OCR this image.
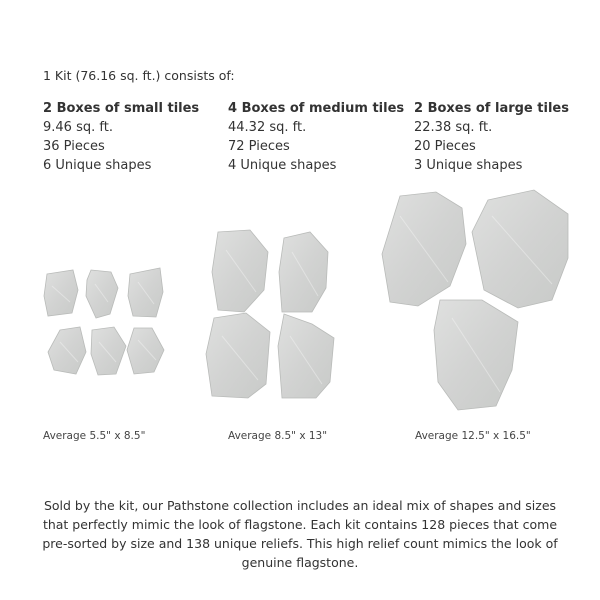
1 Kit (76.16 sq. ft.) consists of:
2 Boxes of small tiles
9.46 sq. ft.
36 Pieces
6 Unique shapes
4 Boxes of medium tiles
44.32 sq. ft.
72 Pieces
4 Unique shapes
2 Boxes of large tiles
22.38 sq. ft.
20 Pieces
3 Unique shapes
Average 5.5" x 8.5"	Average 8.5" x 13"	Average 12.5" x 16.5"
Sold by the kit, our Pathstone collection includes an ideal mix of shapes and sizes that perfectly mimic the look of flagstone. Each kit contains 128 pieces that come pre-sorted by size and 138 unique reliefs. This high relief count mimics the look of genuine flagstone.
